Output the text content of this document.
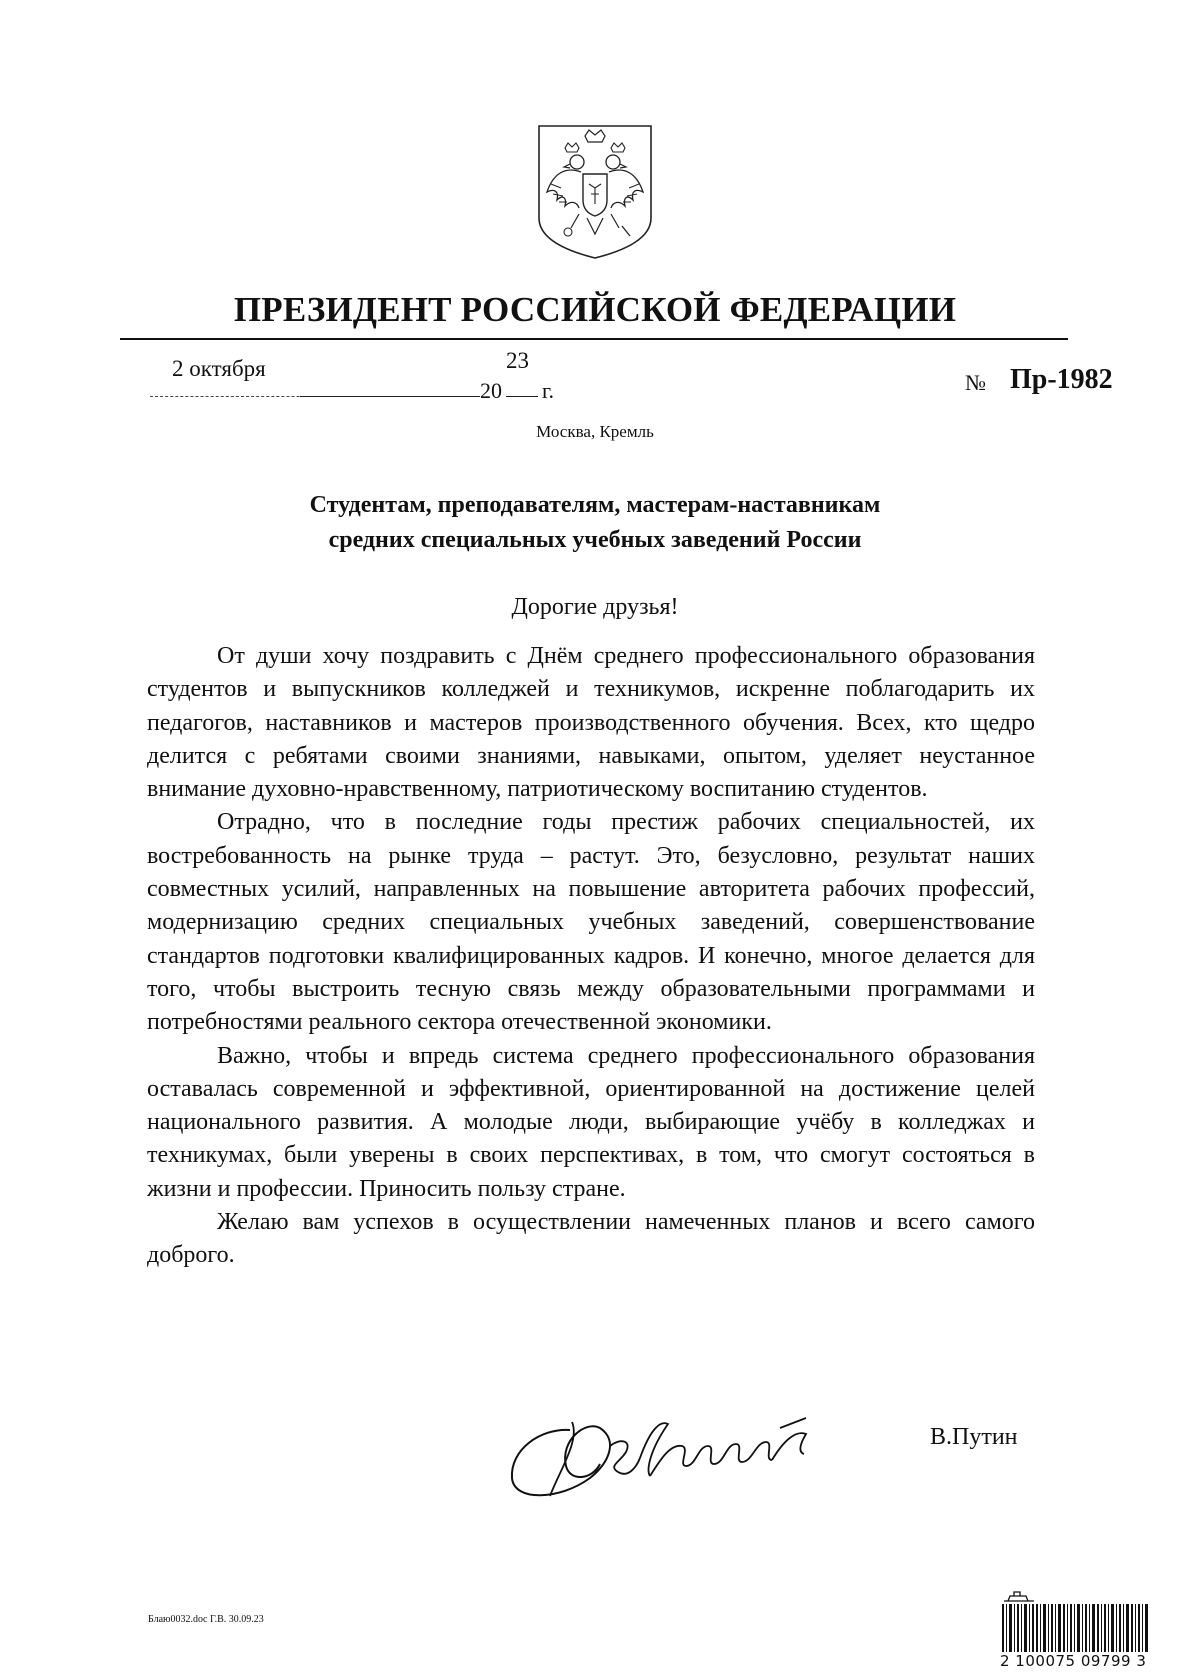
ПРЕЗИДЕНТ РОССИЙСКОЙ ФЕДЕРАЦИИ
2 октября
20
23
г.	№ Пр-1982
Москва, Кремль
Студентам, преподавателям, мастерам-наставникам
средних специальных учебных заведений России
Дорогие друзья!

От души хочу поздравить с Днём среднего профессионального образования студентов и выпускников колледжей и техникумов, искренне поблагодарить их педагогов, наставников и мастеров производственного обучения. Всех, кто щедро делится с ребятами своими знаниями, навыками, опытом, уделяет неустанное внимание духовно-нравственному, патриотическому воспитанию студентов.

Отрадно, что в последние годы престиж рабочих специальностей, их востребованность на рынке труда – растут. Это, безусловно, результат наших совместных усилий, направленных на повышение авторитета рабочих профессий, модернизацию средних специальных учебных заведений, совершенствование стандартов подготовки квалифицированных кадров. И конечно, многое делается для того, чтобы выстроить тесную связь между образовательными программами и потребностями реального сектора отечественной экономики.

Важно, чтобы и впредь система среднего профессионального образования оставалась современной и эффективной, ориентированной на достижение целей национального развития. А молодые люди, выбирающие учёбу в колледжах и техникумах, были уверены в своих перспективах, в том, что смогут состояться в жизни и профессии. Приносить пользу стране.

Желаю вам успехов в осуществлении намеченных планов и всего самого доброго.

В.Путин
Блаю0032.doc Г.В. 30.09.23
2 100075 09799 3
